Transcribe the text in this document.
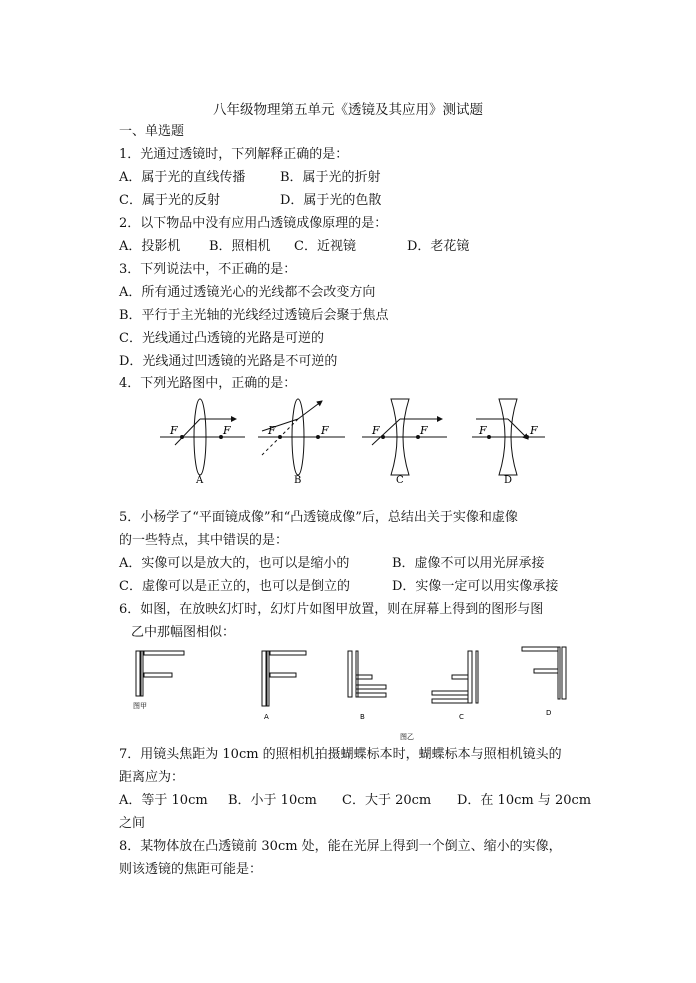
八年级物理第五单元《透镜及其应用》测试题
一、单选题
1．光通过透镜时，下列解释正确的是：
A．属于光的直线传播	B．属于光的折射
C．属于光的反射	D．属于光的色散
2．以下物品中没有应用凸透镜成像原理的是：
A．投影机 B．照相机 C．近视镜	D．老花镜
3．下列说法中，不正确的是：
A．所有通过透镜光心的光线都不会改变方向
B．平行于主光轴的光线经过透镜后会聚于焦点
C．光线通过凸透镜的光路是可逆的
D．光线通过凹透镜的光路是不可逆的
4．下列光路图中，正确的是：
F	F
A
F	F
B
F	F
C
F	F
D
5．小杨学了“平面镜成像”和“凸透镜成像”后，总结出关于实像和虚像
的一些特点，其中错误的是：
A．实像可以是放大的，也可以是缩小的	B．虚像不可以用光屏承接
C．虚像可以是正立的，也可以是倒立的	D．实像一定可以用实像承接
6．如图，在放映幻灯时，幻灯片如图甲放置，则在屏幕上得到的图形与图
乙中那幅图相似：
图甲
A	B	C	D
图乙
7．用镜头焦距为 10cm 的照相机拍摄蝴蝶标本时，蝴蝶标本与照相机镜头的
距离应为：
A．等于 10cm B．小于 10cm C．大于 20cm D．在 10cm 与 20cm
之间
8．某物体放在凸透镜前 30cm 处，能在光屏上得到一个倒立、缩小的实像，
则该透镜的焦距可能是：
